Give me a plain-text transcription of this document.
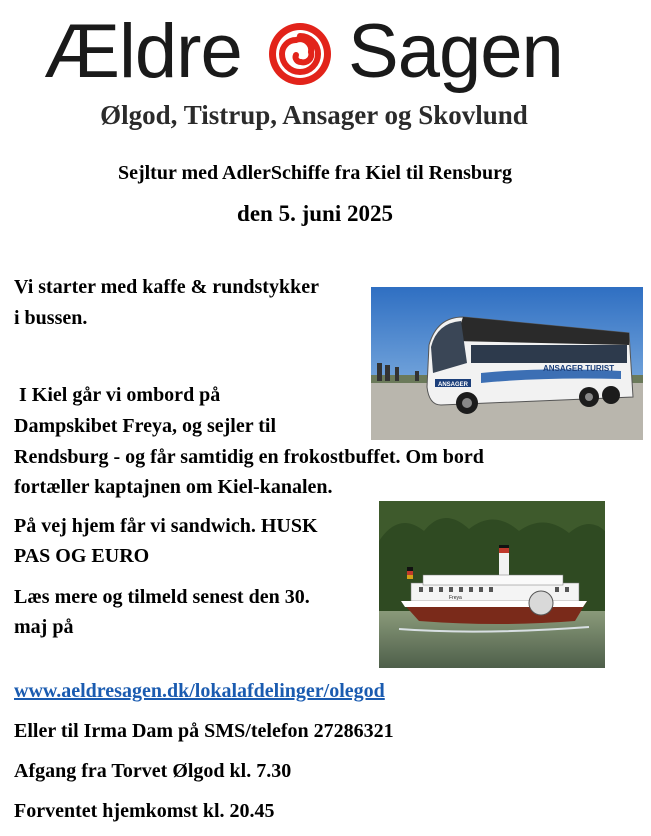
Ældre Sagen
Ølgod, Tistrup, Ansager og Skovlund
Sejltur med AdlerSchiffe fra Kiel til Rensburg
den 5. juni 2025

Vi starter med kaffe & rundstykker

i bussen.

I Kiel går vi ombord på

Dampskibet Freya, og sejler til

Rendsburg - og får samtidig en frokostbuffet. Om bord

fortæller kaptajnen om Kiel-kanalen.

På vej hjem får vi sandwich. HUSK

PAS OG EURO

Læs mere og tilmeld senest den 30.

maj på

www.aeldresagen.dk/lokalafdelinger/olegod

Eller til Irma Dam på SMS/telefon 27286321

Afgang fra Torvet Ølgod kl. 7.30

Forventet hjemkomst kl. 20.45

ANSAGER TURIST
ANSAGER
Freya
